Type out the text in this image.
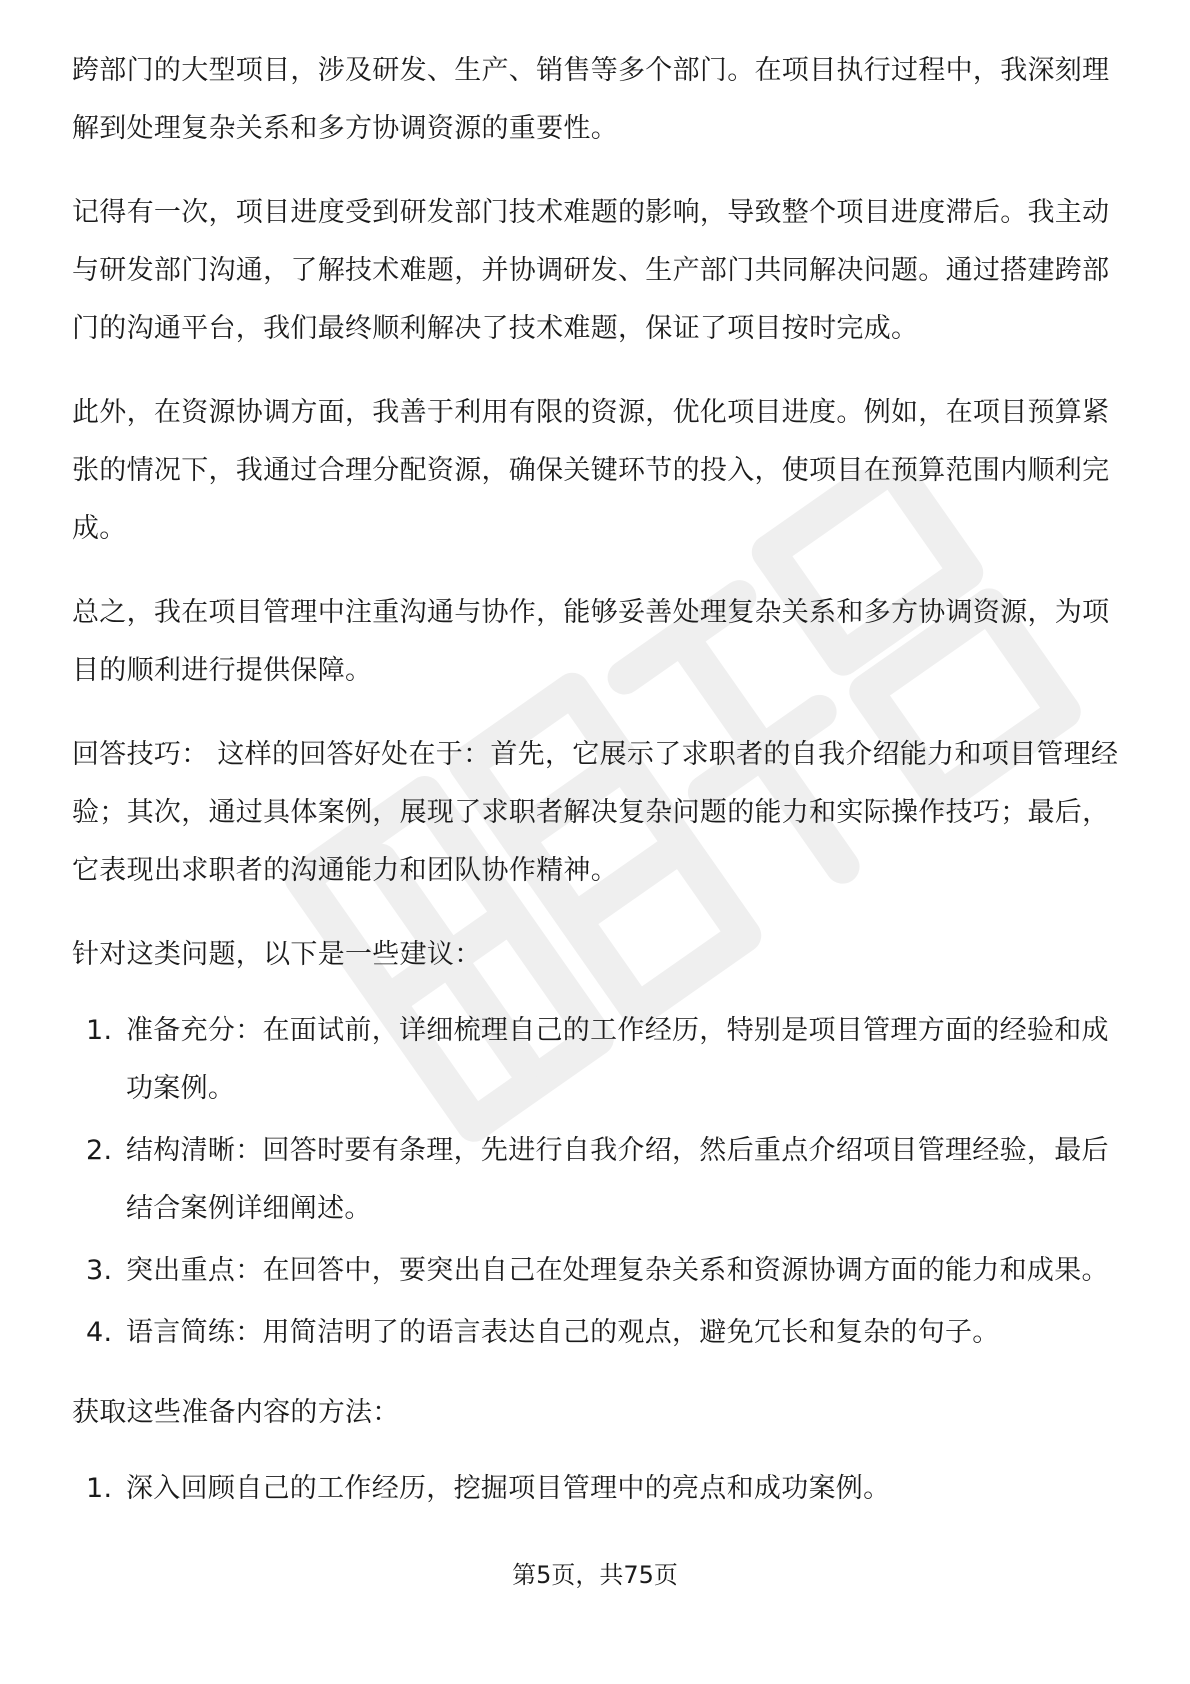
跨部门的大型项目，涉及研发、生产、销售等多个部门。在项目执行过程中，我深刻理解到处理复杂关系和多方协调资源的重要性。

记得有一次，项目进度受到研发部门技术难题的影响，导致整个项目进度滞后。我主动与研发部门沟通，了解技术难题，并协调研发、生产部门共同解决问题。通过搭建跨部门的沟通平台，我们最终顺利解决了技术难题，保证了项目按时完成。

此外，在资源协调方面，我善于利用有限的资源，优化项目进度。例如，在项目预算紧张的情况下，我通过合理分配资源，确保关键环节的投入，使项目在预算范围内顺利完成。

总之，我在项目管理中注重沟通与协作，能够妥善处理复杂关系和多方协调资源，为项目的顺利进行提供保障。

回答技巧： 这样的回答好处在于：首先，它展示了求职者的自我介绍能力和项目管理经验；其次，通过具体案例，展现了求职者解决复杂问题的能力和实际操作技巧；最后，它表现出求职者的沟通能力和团队协作精神。

针对这类问题，以下是一些建议：

1. 准备充分：在面试前，详细梳理自己的工作经历，特别是项目管理方面的经验和成功案例。
2. 结构清晰：回答时要有条理，先进行自我介绍，然后重点介绍项目管理经验，最后结合案例详细阐述。
3. 突出重点：在回答中，要突出自己在处理复杂关系和资源协调方面的能力和成果。
4. 语言简练：用简洁明了的语言表达自己的观点，避免冗长和复杂的句子。

获取这些准备内容的方法：

1. 深入回顾自己的工作经历，挖掘项目管理中的亮点和成功案例。
第5页，共75页
